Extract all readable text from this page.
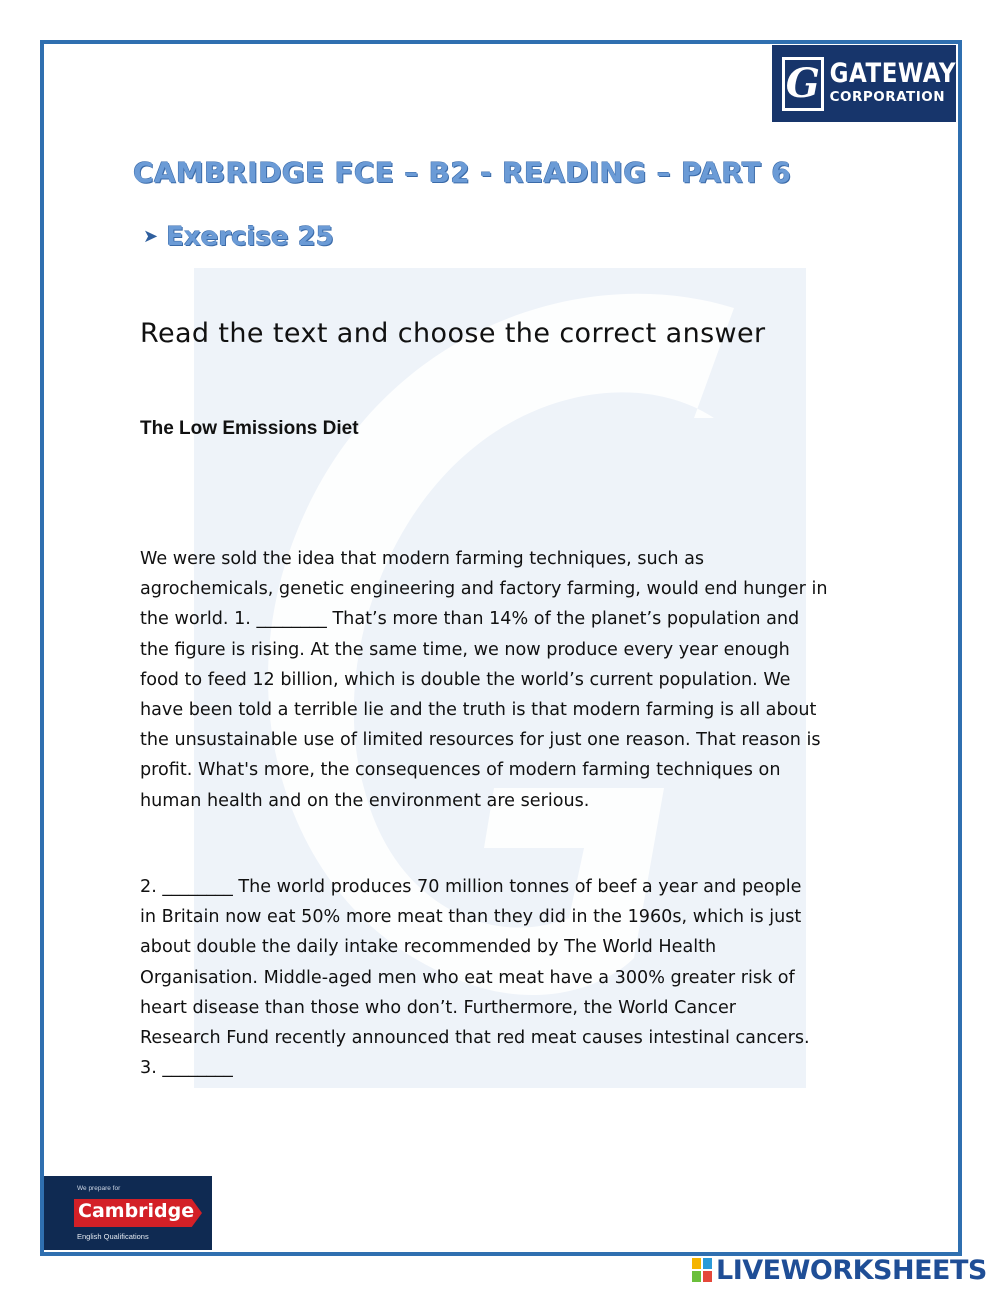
G GATEWAY
CORPORATION
CAMBRIDGE FCE – B2 - READING – PART 6
➤ Exercise 25
Read the text and choose the correct answer
The Low Emissions Diet
We were sold the idea that modern farming techniques, such as
agrochemicals, genetic engineering and factory farming, would end hunger in
the world. 1. ________ That’s more than 14% of the planet’s population and
the figure is rising. At the same time, we now produce every year enough
food to feed 12 billion, which is double the world’s current population. We
have been told a terrible lie and the truth is that modern farming is all about
the unsustainable use of limited resources for just one reason. That reason is
profit. What's more, the consequences of modern farming techniques on
human health and on the environment are serious.
2. ________ The world produces 70 million tonnes of beef a year and people
in Britain now eat 50% more meat than they did in the 1960s, which is just
about double the daily intake recommended by The World Health
Organisation. Middle-aged men who eat meat have a 300% greater risk of
heart disease than those who don’t. Furthermore, the World Cancer
Research Fund recently announced that red meat causes intestinal cancers.
3. ________
We prepare for
Cambridge
English Qualifications
LIVEWORKSHEETS
